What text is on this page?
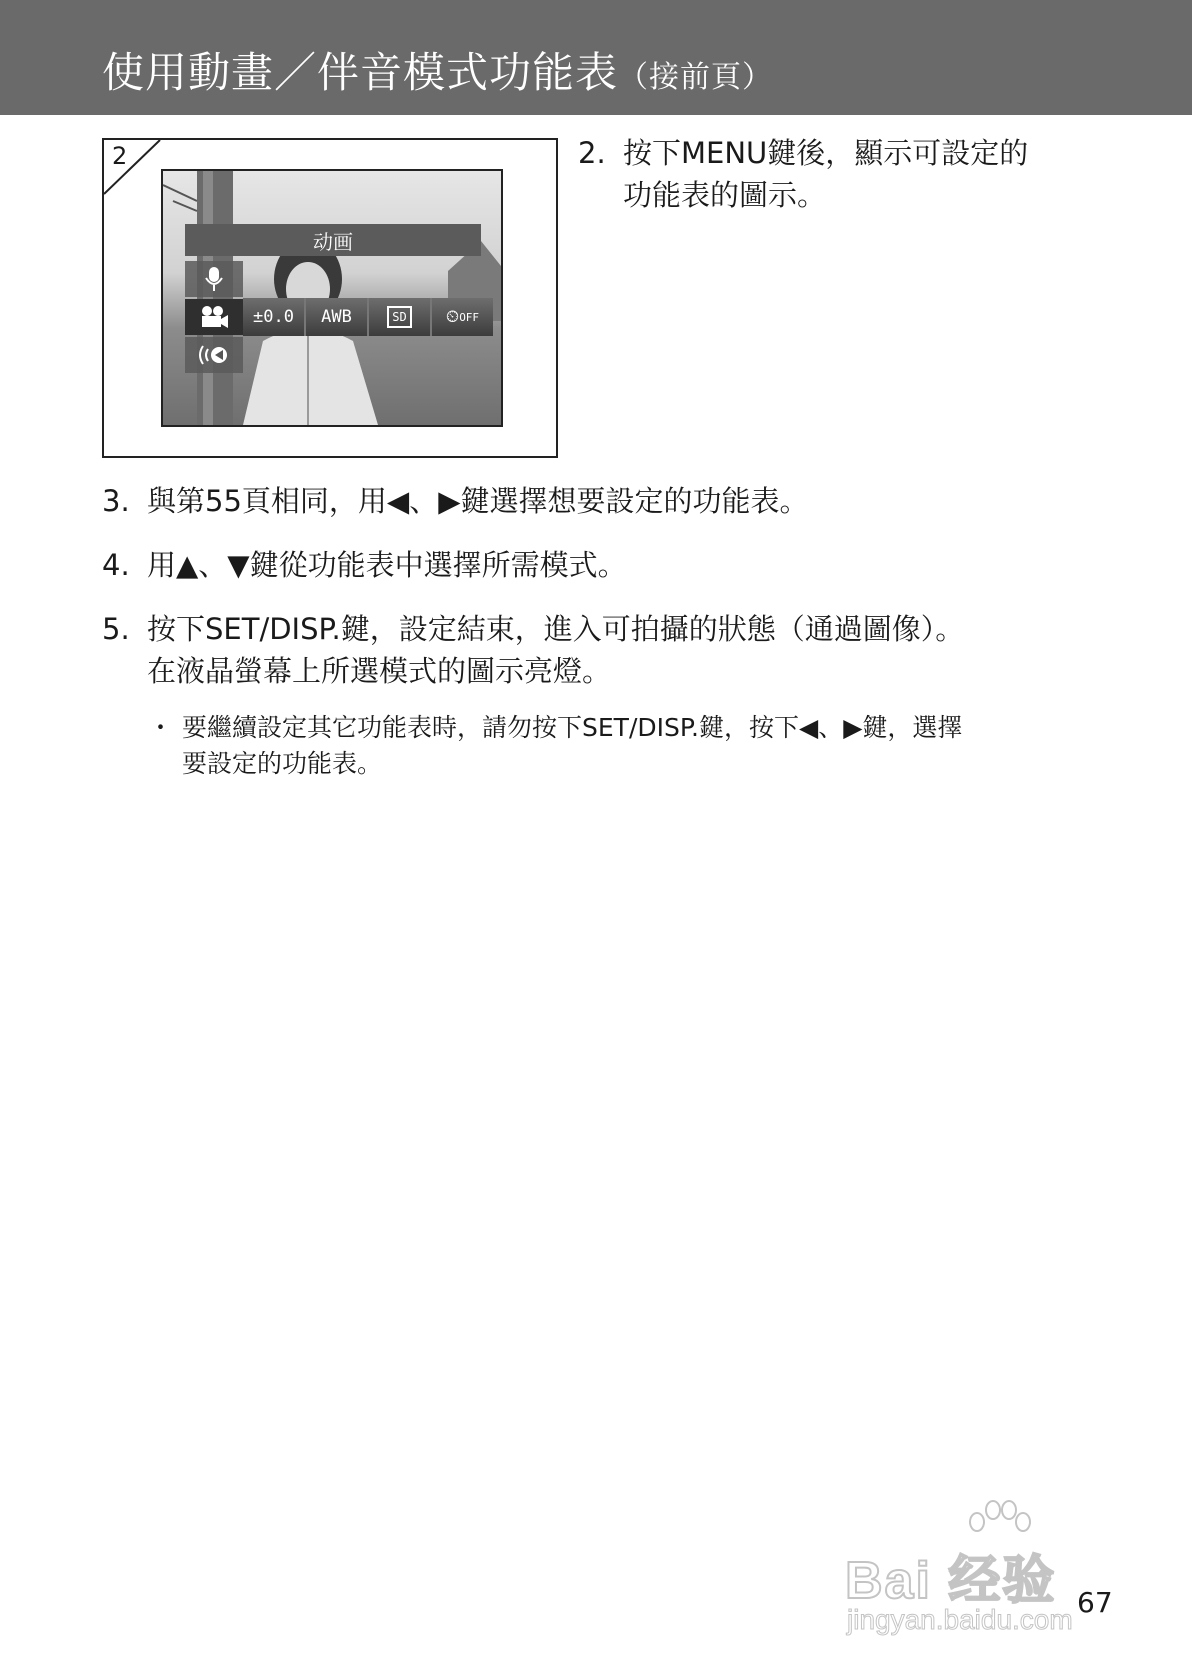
使用動畫／伴音模式功能表（接前頁）
2
动画
±0.0	AWB	SD ⏲ OFF
2. 按下MENU鍵後，顯示可設定的
功能表的圖示。
3. 與第55頁相同，用◀、▶鍵選擇想要設定的功能表。
4. 用▲、▼鍵從功能表中選擇所需模式。
5. 按下SET/DISP.鍵，設定結束，進入可拍攝的狀態（通過圖像）。
在液晶螢幕上所選模式的圖示亮燈。
・ 要繼續設定其它功能表時，請勿按下SET/DISP.鍵，按下◀、▶鍵，選擇
要設定的功能表。
Bai 经验
jingyan.baidu.com
67
